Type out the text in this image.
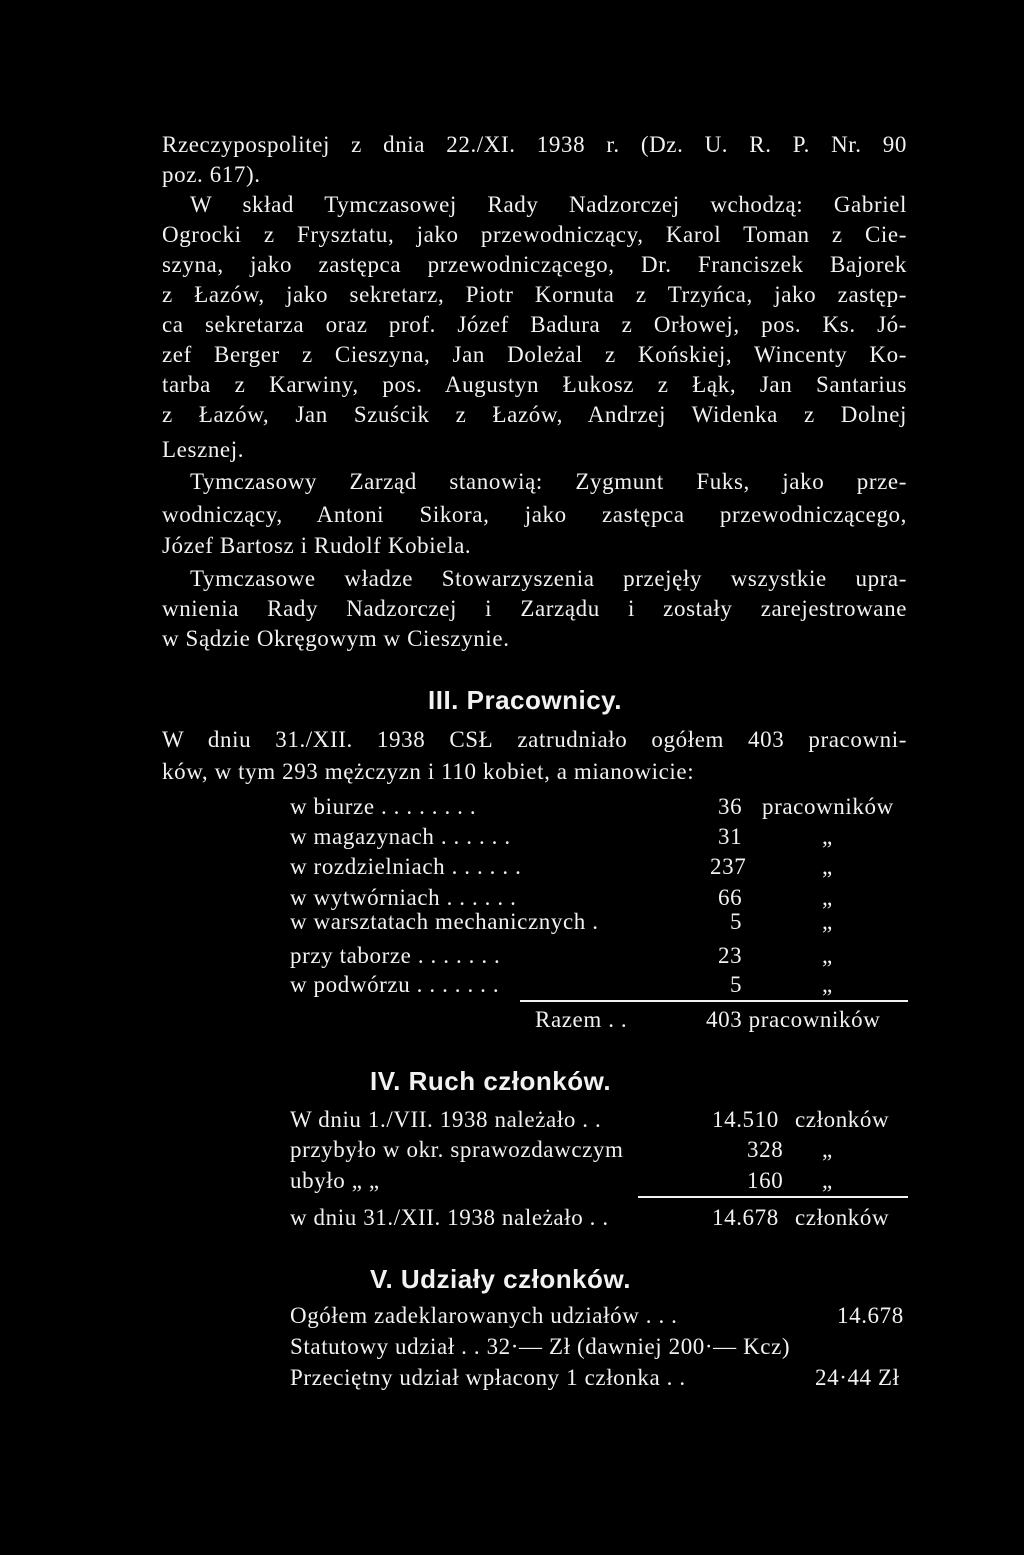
Rzeczypospolitej z dnia 22./XI. 1938 r. (Dz. U. R. P. Nr. 90
poz. 617).
W skład Tymczasowej Rady Nadzorczej wchodzą: Gabriel
Ogrocki z Frysztatu, jako przewodniczący, Karol Toman z Cie-
szyna, jako zastępca przewodniczącego, Dr. Franciszek Bajorek
z Łazów, jako sekretarz, Piotr Kornuta z Trzyńca, jako zastęp-
ca sekretarza oraz prof. Józef Badura z Orłowej, pos. Ks. Jó-
zef Berger z Cieszyna, Jan Doleżal z Końskiej, Wincenty Ko-
tarba z Karwiny, pos. Augustyn Łukosz z Łąk, Jan Santarius
z Łazów, Jan Szuścik z Łazów, Andrzej Widenka z Dolnej
Lesznej.
Tymczasowy Zarząd stanowią: Zygmunt Fuks, jako prze-
wodniczący, Antoni Sikora, jako zastępca przewodniczącego,
Józef Bartosz i Rudolf Kobiela.
Tymczasowe władze Stowarzyszenia przejęły wszystkie upra-
wnienia Rady Nadzorczej i Zarządu i zostały zarejestrowane
w Sądzie Okręgowym w Cieszynie.
III. Pracownicy.
W dniu 31./XII. 1938 CSŁ zatrudniało ogółem 403 pracowni-
ków, w tym 293 mężczyzn i 110 kobiet, a mianowicie:
w biurze . . . . . . . .	36 pracowników
w magazynach . . . . . .	31	„
w rozdzielniach . . . . . .	237	„
w wytwórniach . . . . . .	66	„
w warsztatach mechanicznych .	5	„
przy taborze . . . . . . .	23	„
w podwórzu . . . . . . .	5	„
Razem . .	403 pracowników
IV. Ruch członków.
W dniu 1./VII. 1938 należało . .	14.510 członków
przybyło w okr. sprawozdawczym	328 „
ubyło „ „	160 „
w dniu 31./XII. 1938 należało . .	14.678 członków
V. Udziały członków.
Ogółem zadeklarowanych udziałów . . .	14.678
Statutowy udział . . 32·— Zł (dawniej 200·— Kcz)
Przeciętny udział wpłacony 1 członka . .	24·44 Zł
